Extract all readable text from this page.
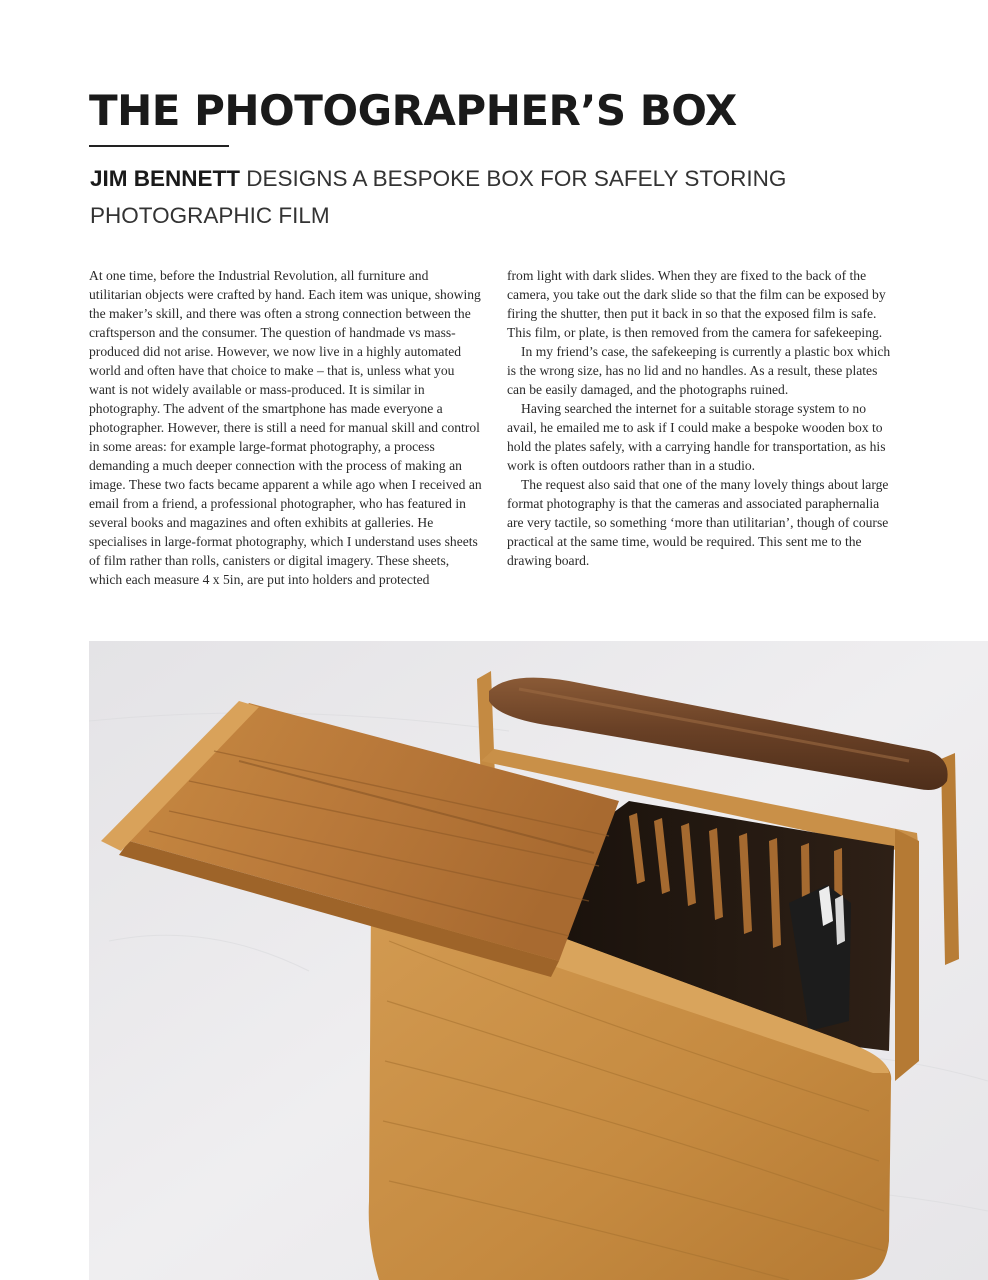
THE PHOTOGRAPHER’S BOX
JIM BENNETT DESIGNS A BESPOKE BOX FOR SAFELY STORING PHOTOGRAPHIC FILM

At one time, before the Industrial Revolution, all furniture and utilitarian objects were crafted by hand. Each item was unique, showing the maker’s skill, and there was often a strong connection between the craftsperson and the consumer. The question of handmade vs mass-produced did not arise. However, we now live in a highly automated world and often have that choice to make – that is, unless what you want is not widely available or mass-produced. It is similar in photography. The advent of the smartphone has made everyone a photographer. However, there is still a need for manual skill and control in some areas: for example large-format photography, a process demanding a much deeper connection with the process of making an image. These two facts became apparent a while ago when I received an email from a friend, a professional photographer, who has featured in several books and magazines and often exhibits at galleries. He specialises in large-format photography, which I understand uses sheets of film rather than rolls, canisters or digital imagery. These sheets, which each measure 4 x 5in, are put into holders and protected

from light with dark slides. When they are fixed to the back of the camera, you take out the dark slide so that the film can be exposed by firing the shutter, then put it back in so that the exposed film is safe. This film, or plate, is then removed from the camera for safekeeping.

In my friend’s case, the safekeeping is currently a plastic box which is the wrong size, has no lid and no handles. As a result, these plates can be easily damaged, and the photographs ruined.

Having searched the internet for a suitable storage system to no avail, he emailed me to ask if I could make a bespoke wooden box to hold the plates safely, with a carrying handle for transportation, as his work is often outdoors rather than in a studio.

The request also said that one of the many lovely things about large format photography is that the cameras and associated paraphernalia are very tactile, so something ‘more than utilitarian’, though of course practical at the same time, would be required. This sent me to the drawing board.
